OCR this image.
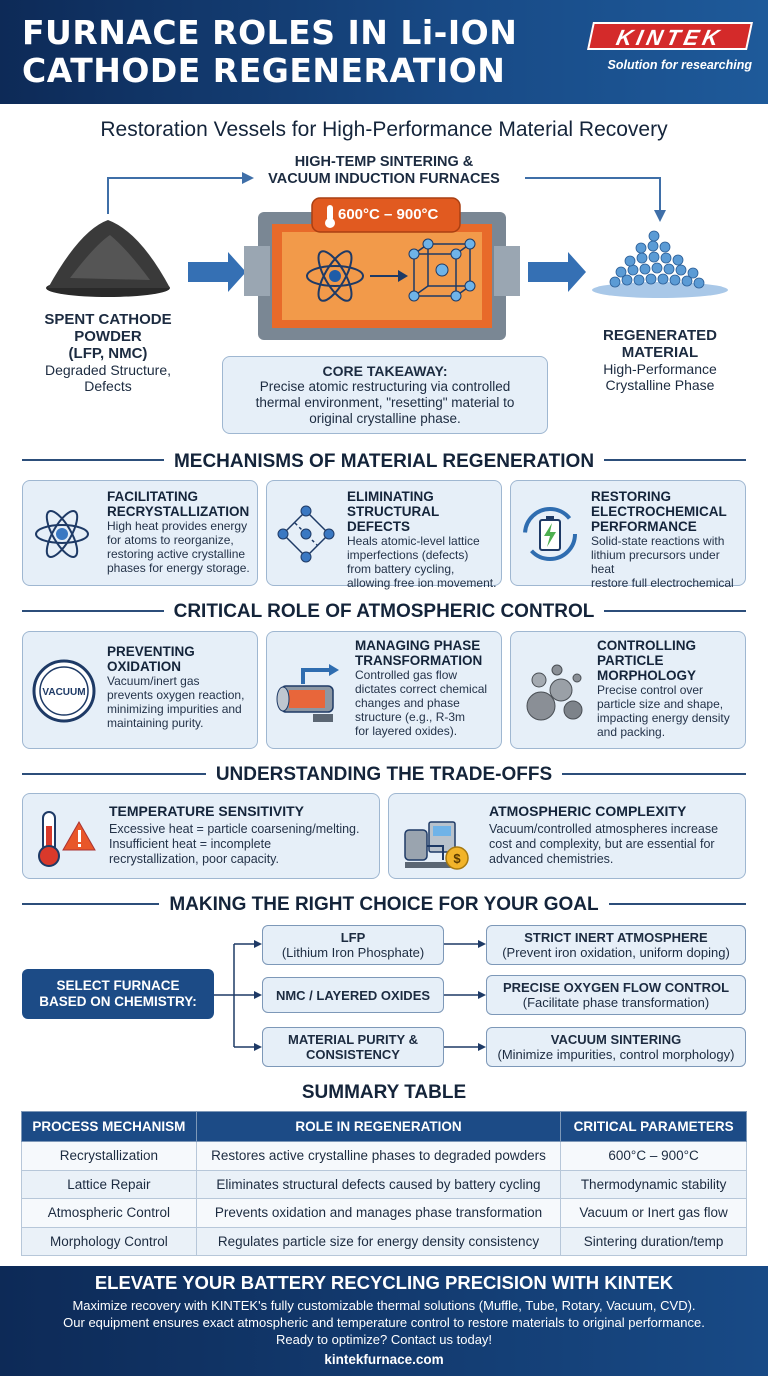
FURNACE ROLES IN Li-ION
CATHODE REGENERATION
KINTEK
Solution for researching
Restoration Vessels for High-Performance Material Recovery
HIGH-TEMP SINTERING &
VACUUM INDUCTION FURNACES
600°C – 900°C
SPENT CATHODE
POWDER
(LFP, NMC)
Degraded Structure,
Defects
REGENERATED
MATERIAL
High-Performance
Crystalline Phase
CORE TAKEAWAY:
Precise atomic restructuring via controlled
thermal environment, "resetting" material to
original crystalline phase.
MECHANISMS OF MATERIAL REGENERATION
FACILITATING
RECRYSTALLIZATION
High heat provides energy
for atoms to reorganize,
restoring active crystalline
phases for energy storage.
ELIMINATING
STRUCTURAL DEFECTS
Heals atomic-level lattice
imperfections (defects)
from battery cycling,
allowing free ion movement.
RESTORING
ELECTROCHEMICAL
PERFORMANCE
Solid-state reactions with
lithium precursors under heat
restore full electrochemical
CRITICAL ROLE OF ATMOSPHERIC CONTROL
VACUUM
PREVENTING
OXIDATION
Vacuum/inert gas
prevents oxygen reaction,
minimizing impurities and
maintaining purity.
MANAGING PHASE
TRANSFORMATION
Controlled gas flow
dictates correct chemical
changes and phase
structure (e.g., R-3m
for layered oxides).
CONTROLLING
PARTICLE
MORPHOLOGY
Precise control over
particle size and shape,
impacting energy density
and packing.
UNDERSTANDING THE TRADE-OFFS
TEMPERATURE SENSITIVITY
Excessive heat = particle coarsening/melting.
Insufficient heat = incomplete
recrystallization, poor capacity.	$
ATMOSPHERIC COMPLEXITY
Vacuum/controlled atmospheres increase
cost and complexity, but are essential for
advanced chemistries.
MAKING THE RIGHT CHOICE FOR YOUR GOAL
SELECT FURNACE
BASED ON CHEMISTRY:
LFP
(Lithium Iron Phosphate)
NMC / LAYERED OXIDES
MATERIAL PURITY &
CONSISTENCY
STRICT INERT ATMOSPHERE
(Prevent iron oxidation, uniform doping)
PRECISE OXYGEN FLOW CONTROL
(Facilitate phase transformation)
VACUUM SINTERING
(Minimize impurities, control morphology)
SUMMARY TABLE
PROCESS MECHANISM	ROLE IN REGENERATION	CRITICAL PARAMETERS
Recrystallization	Restores active crystalline phases to degraded powders	600°C – 900°C
Lattice Repair	Eliminates structural defects caused by battery cycling	Thermodynamic stability
Atmospheric Control	Prevents oxidation and manages phase transformation	Vacuum or Inert gas flow
Morphology Control	Regulates particle size for energy density consistency	Sintering duration/temp
ELEVATE YOUR BATTERY RECYCLING PRECISION WITH KINTEK
Maximize recovery with KINTEK's fully customizable thermal solutions (Muffle, Tube, Rotary, Vacuum, CVD).
Our equipment ensures exact atmospheric and temperature control to restore materials to original performance.
Ready to optimize? Contact us today!
kintekfurnace.com
